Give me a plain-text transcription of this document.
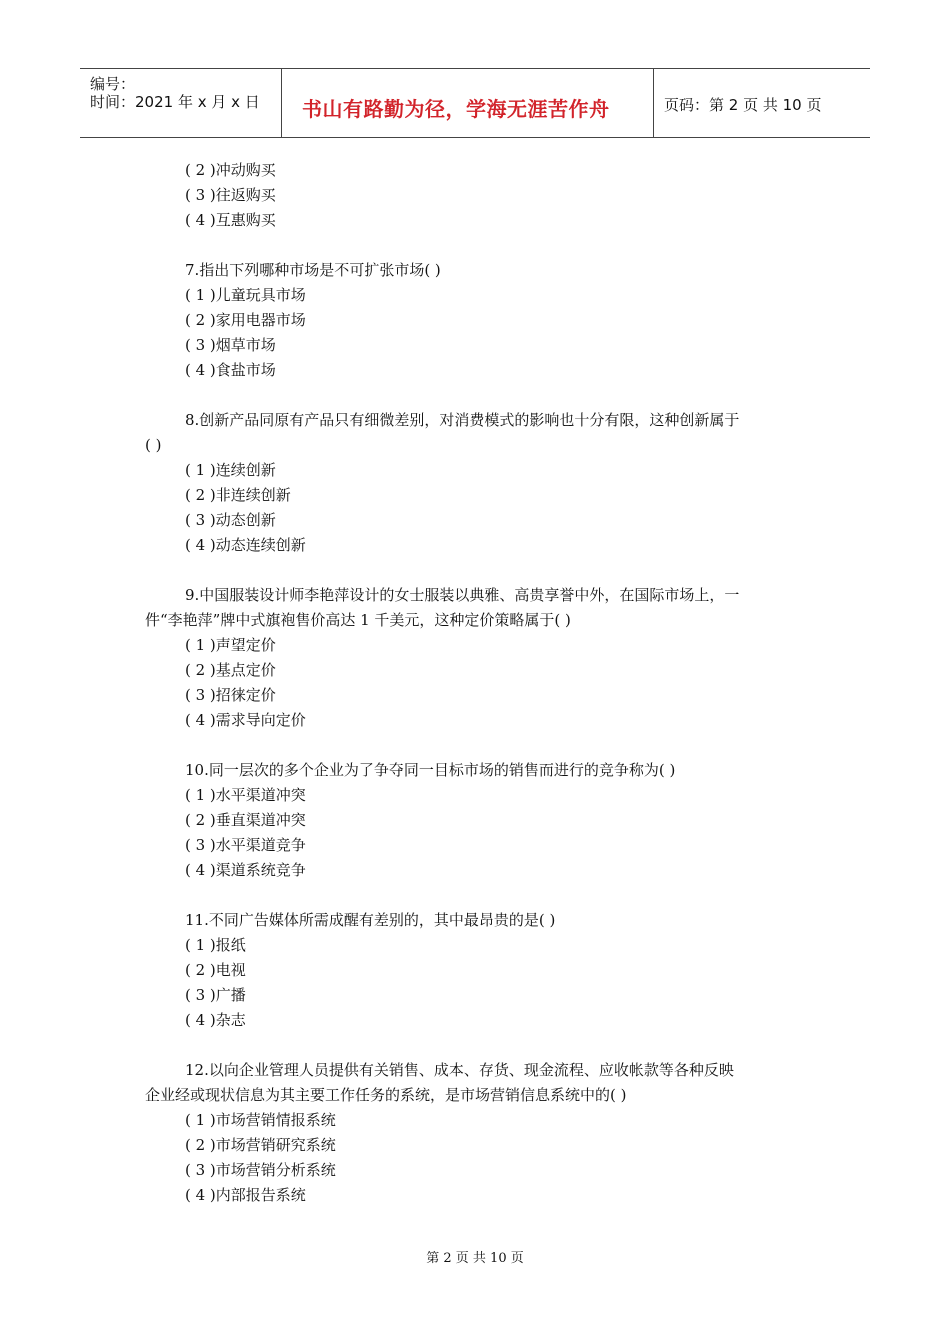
编号：
时间：2021 年 x 月 x 日 书山有路勤为径，学海无涯苦作舟	页码：第 2 页 共 10 页
( 2 )冲动购买
( 3 )往返购买
( 4 )互惠购买
7.指出下列哪种市场是不可扩张市场( )
( 1 )儿童玩具市场
( 2 )家用电器市场
( 3 )烟草市场
( 4 )食盐市场
8.创新产品同原有产品只有细微差别，对消费模式的影响也十分有限，这种创新属于
( )
( 1 )连续创新
( 2 )非连续创新
( 3 )动态创新
( 4 )动态连续创新
9.中国服装设计师李艳萍设计的女士服装以典雅、高贵享誉中外，在国际市场上，一
件“李艳萍”牌中式旗袍售价高达 1 千美元，这种定价策略属于( )
( 1 )声望定价
( 2 )基点定价
( 3 )招徕定价
( 4 )需求导向定价
10.同一层次的多个企业为了争夺同一目标市场的销售而进行的竞争称为( )
( 1 )水平渠道冲突
( 2 )垂直渠道冲突
( 3 )水平渠道竞争
( 4 )渠道系统竞争
11.不同广告媒体所需成醒有差别的，其中最昂贵的是( )
( 1 )报纸
( 2 )电视
( 3 )广播
( 4 )杂志
12.以向企业管理人员提供有关销售、成本、存货、现金流程、应收帐款等各种反映
企业经或现状信息为其主要工作任务的系统，是市场营销信息系统中的( )
( 1 )市场营销情报系统
( 2 )市场营销研究系统
( 3 )市场营销分析系统
( 4 )内部报告系统
第 2 页 共 10 页
